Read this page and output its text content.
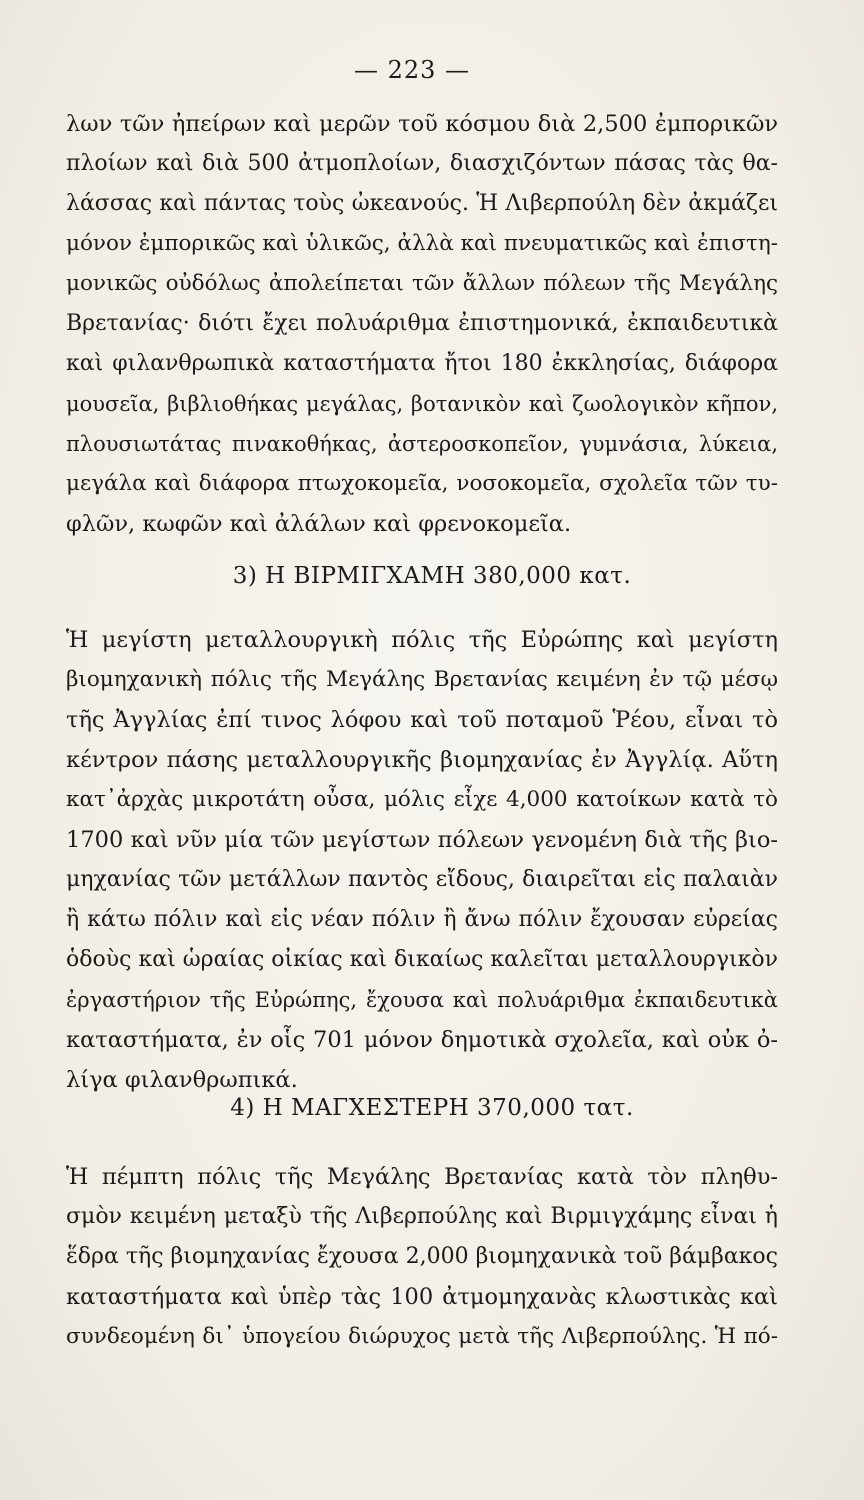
— 223 —
λων τῶν ἠπείρων καὶ μερῶν τοῦ κόσμου διὰ 2,500 ἐμπορικῶν
πλοίων καὶ διὰ 500 ἀτμοπλοίων, διασχιζόντων πάσας τὰς θα-
λάσσας καὶ πάντας τοὺς ὠκεανούς. Ἡ Λιβερπούλη δὲν ἀκμάζει
μόνον ἐμπορικῶς καὶ ὑλικῶς, ἀλλὰ καὶ πνευματικῶς καὶ ἐπιστη-
μονικῶς οὐδόλως ἀπολείπεται τῶν ἄλλων πόλεων τῆς Μεγάλης
Βρετανίας· διότι ἔχει πολυάριθμα ἐπιστημονικά, ἐκπαιδευτικὰ
καὶ φιλανθρωπικὰ καταστήματα ἤτοι 180 ἐκκλησίας, διάφορα
μουσεῖα, βιβλιοθήκας μεγάλας, βοτανικὸν καὶ ζωολογικὸν κῆπον,
πλουσιωτάτας πινακοθήκας, ἀστεροσκοπεῖον, γυμνάσια, λύκεια,
μεγάλα καὶ διάφορα πτωχοκομεῖα, νοσοκομεῖα, σχολεῖα τῶν τυ-
φλῶν, κωφῶν καὶ ἀλάλων καὶ φρενοκομεῖα.
3) Η ΒΙΡΜΙΓΧΑΜΗ 380,000 κατ.
Ἡ μεγίστη μεταλλουργικὴ πόλις τῆς Εὐρώπης καὶ μεγίστη
βιομηχανικὴ πόλις τῆς Μεγάλης Βρετανίας κειμένη ἐν τῷ μέσῳ
τῆς Ἀγγλίας ἐπί τινος λόφου καὶ τοῦ ποταμοῦ Ῥέου, εἶναι τὸ
κέντρον πάσης μεταλλουργικῆς βιομηχανίας ἐν Ἀγγλίᾳ. Αὕτη
κατ᾽ἀρχὰς μικροτάτη οὖσα, μόλις εἶχε 4,000 κατοίκων κατὰ τὸ
1700 καὶ νῦν μία τῶν μεγίστων πόλεων γενομένη διὰ τῆς βιο-
μηχανίας τῶν μετάλλων παντὸς εἴδους, διαιρεῖται εἰς παλαιὰν
ἢ κάτω πόλιν καὶ εἰς νέαν πόλιν ἢ ἄνω πόλιν ἔχουσαν εὐρείας
ὁδοὺς καὶ ὡραίας οἰκίας καὶ δικαίως καλεῖται μεταλλουργικὸν
ἐργαστήριον τῆς Εὐρώπης, ἔχουσα καὶ πολυάριθμα ἐκπαιδευτικὰ
καταστήματα, ἐν οἷς 701 μόνον δημοτικὰ σχολεῖα, καὶ οὐκ ὀ-
λίγα φιλανθρωπικά.
4) Η ΜΑΓΧΕΣΤΕΡΗ 370,000 τατ.
Ἡ πέμπτη πόλις τῆς Μεγάλης Βρετανίας κατὰ τὸν πληθυ-
σμὸν κειμένη μεταξὺ τῆς Λιβερπούλης καὶ Βιρμιγχάμης εἶναι ἡ
ἕδρα τῆς βιομηχανίας ἔχουσα 2,000 βιομηχανικὰ τοῦ βάμβακος
καταστήματα καὶ ὑπὲρ τὰς 100 ἀτμομηχανὰς κλωστικὰς καὶ
συνδεομένη δι᾽ ὑπογείου διώρυχος μετὰ τῆς Λιβερπούλης. Ἡ πό-
